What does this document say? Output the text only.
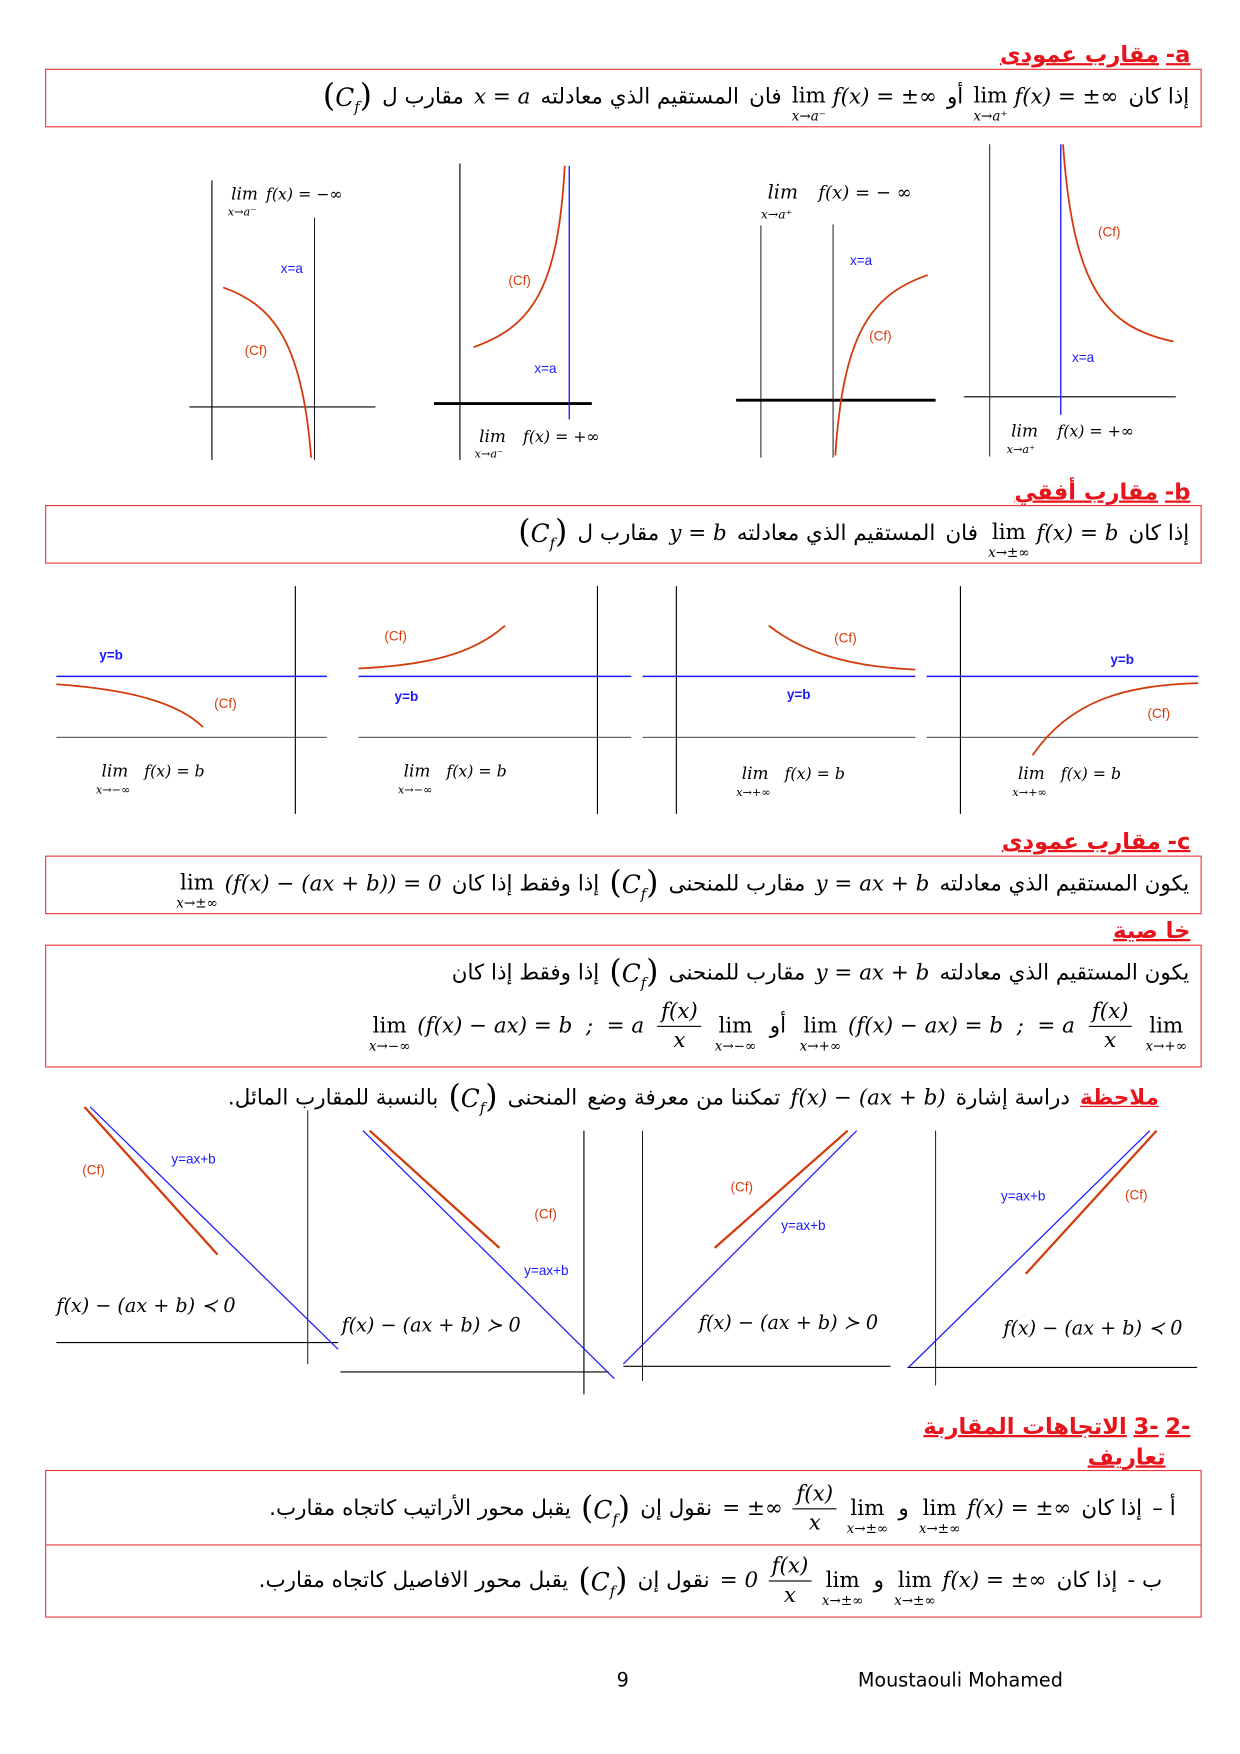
a-
مقارب عمودى
إذا كان
lim
x→a⁺
f(x) = ±∞
أو
lim
x→a⁻
f(x) = ±∞
فان
المستقيم الذي معادلته
x = a
مقارب ل
$(C_f)$
lim f(x) = −∞
x→a⁻
x=a
(Cf)
lim f(x) = +∞
x→a⁻
x=a
(Cf)
lim f(x) = − ∞
x→a⁺
x=a
(Cf)
lim f(x) = +∞
x→a⁺
x=a
(Cf)
b-
مقارب أفقي
إذا كان
lim
x→±∞
f(x) = b
فان
المستقيم الذي معادلته
y = b
مقارب ل
$(C_f)$
y=b
(Cf)
lim f(x) = b
x→−∞
y=b
(Cf)
lim f(x) = b
x→−∞
y=b
(Cf)
lim f(x) = b
x→+∞
y=b
(Cf)
lim f(x) = b
x→+∞
c-
مقارب عمودى
يكون المستقيم الذي معادلته
y = ax + b
مقارب للمنحنى
$(C_f)$
إذا وفقط إذا كان
lim
x→±∞
(f(x) − (ax + b)) = 0
خا صية
يكون المستقيم الذي معادلته
y = ax + b
مقارب للمنحنى
$(C_f)$
إذا وفقط إذا كان
lim
x→+∞
$\frac{f(x)}{x}$
= a
;
lim
x→+∞
(f(x) − ax) = b
أو
lim
x→−∞
$\frac{f(x)}{x}$
= a
;
lim
x→−∞
(f(x) − ax) = b
ملاحظة
دراسة إشارة
f(x) − (ax + b)
تمكننا من معرفة وضع
المنحنى
$(C_f)$
بالنسبة للمقارب المائل.
(Cf)
y=ax+b
f(x) − (ax + b) ≺ 0
(Cf)
y=ax+b
f(x) − (ax + b) ≻ 0
(Cf)
y=ax+b
f(x) − (ax + b) ≻ 0
(Cf)
y=ax+b
f(x) − (ax + b) ≺ 0
-2
-3
الاتجاهات المقاربة
تعاريف
أ –
إذا كان
lim
x→±∞
f(x) = ±∞
و
lim
x→±∞
$\frac{f(x)}{x}$
= ±∞
نقول إن
$(C_f)$
يقبل محور الأراتيب كاتجاه مقارب.
ب -
إذا كان
lim
x→±∞
f(x) = ±∞
و
lim
x→±∞
$\frac{f(x)}{x}$
= 0
نقول إن
$(C_f)$
يقبل محور الافاصيل كاتجاه مقارب.
9	Moustaouli Mohamed
